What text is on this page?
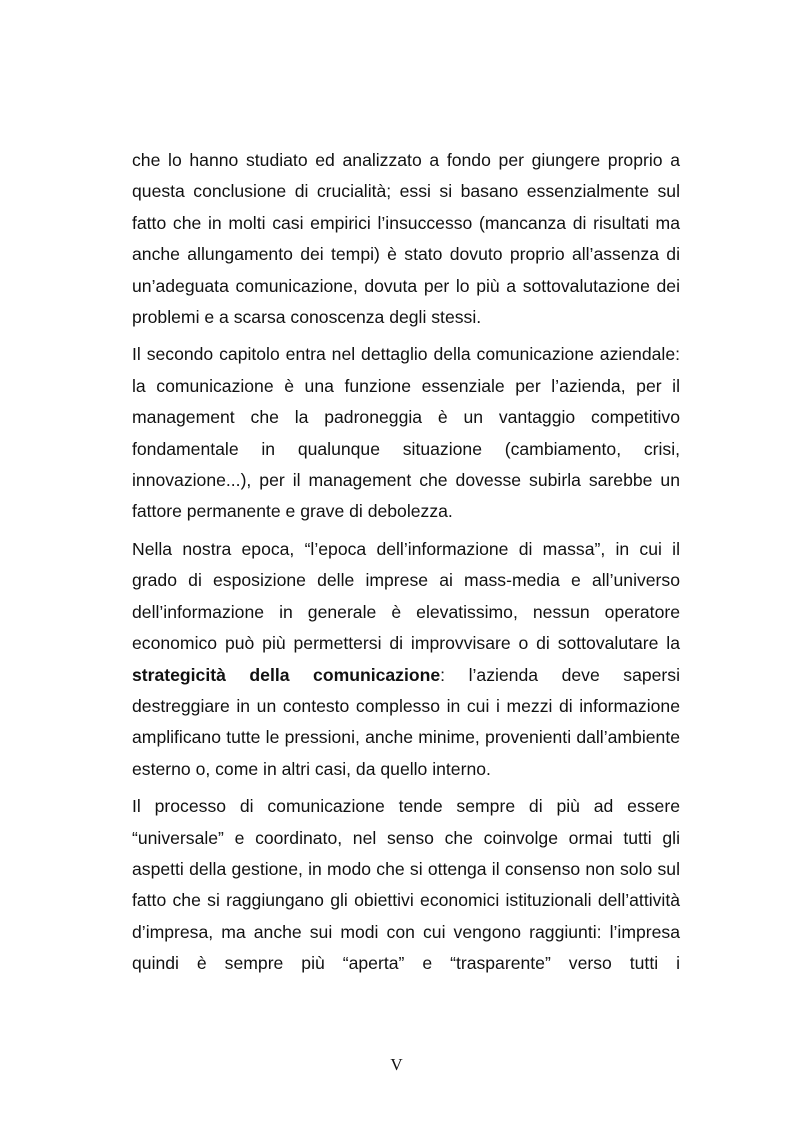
che lo hanno studiato ed analizzato a fondo per giungere proprio a questa conclusione di crucialità; essi si basano essenzialmente sul fatto che in molti casi empirici l’insuccesso (mancanza di risultati ma anche allungamento dei tempi) è stato dovuto proprio all’assenza di un’adeguata comunicazione, dovuta per lo più a sottovalutazione dei problemi e a scarsa conoscenza degli stessi.

Il secondo capitolo entra nel dettaglio della comunicazione aziendale: la comunicazione è una funzione essenziale per l’azienda, per il management che la padroneggia è un vantaggio competitivo fondamentale in qualunque situazione (cambiamento, crisi, innovazione...), per il management che dovesse subirla sarebbe un fattore permanente e grave di debolezza.

Nella nostra epoca, “l’epoca dell’informazione di massa”, in cui il grado di esposizione delle imprese ai mass-media e all’universo dell’informazione in generale è elevatissimo, nessun operatore economico può più permettersi di improvvisare o di sottovalutare la strategicità della comunicazione: l’azienda deve sapersi destreggiare in un contesto complesso in cui i mezzi di informazione amplificano tutte le pressioni, anche minime, provenienti dall’ambiente esterno o, come in altri casi, da quello interno.

Il processo di comunicazione tende sempre di più ad essere “universale” e coordinato, nel senso che coinvolge ormai tutti gli aspetti della gestione, in modo che si ottenga il consenso non solo sul fatto che si raggiungano gli obiettivi economici istituzionali dell’attività d’impresa, ma anche sui modi con cui vengono raggiunti: l’impresa quindi è sempre più “aperta” e “trasparente” verso tutti i

V
